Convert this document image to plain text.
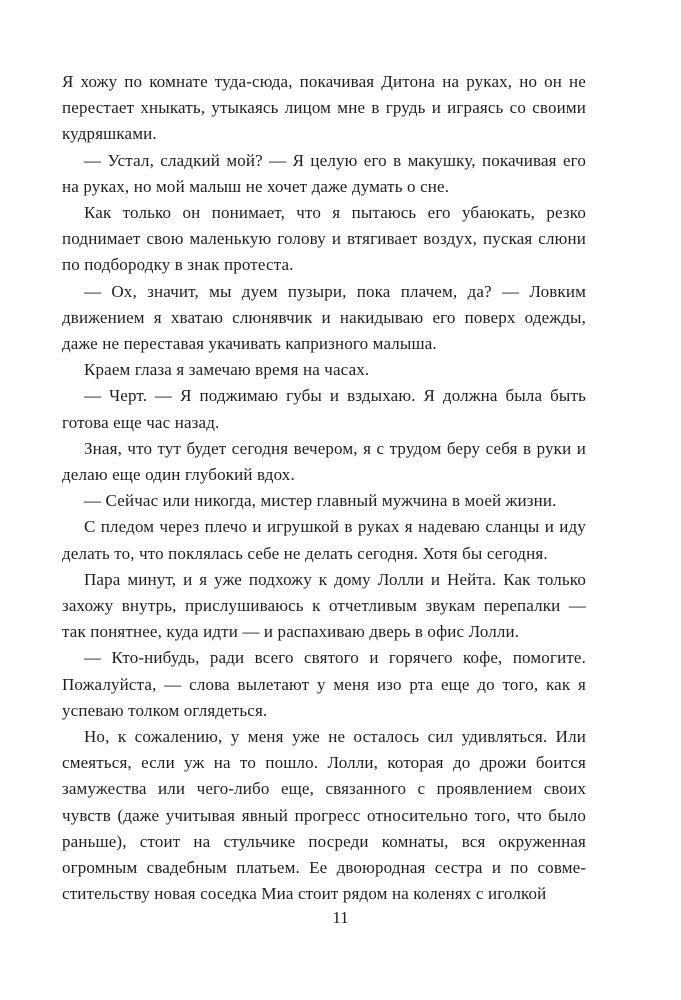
Я хожу по комнате туда-сюда, покачивая Дитона на руках, но он не перестает хныкать, утыкаясь лицом мне в грудь и играясь со своими кудряшками.

— Устал, сладкий мой? — Я целую его в макушку, покачивая его на руках, но мой малыш не хочет даже думать о сне.

Как только он понимает, что я пытаюсь его убаюкать, резко поднимает свою маленькую голову и втягивает воздух, пуская слюни по подбородку в знак протеста.

— Ох, значит, мы дуем пузыри, пока плачем, да? — Ловким движением я хватаю слюнявчик и накидываю его поверх одежды, даже не переставая укачивать капризного малыша.

Краем глаза я замечаю время на часах.

— Черт. — Я поджимаю губы и вздыхаю. Я должна была быть готова еще час назад.

Зная, что тут будет сегодня вечером, я с трудом беру себя в руки и делаю еще один глубокий вдох.

— Сейчас или никогда, мистер главный мужчина в моей жизни.

С пледом через плечо и игрушкой в руках я надеваю сланцы и иду делать то, что поклялась себе не делать сегодня. Хотя бы сегодня.

Пара минут, и я уже подхожу к дому Лолли и Нейта. Как только захожу внутрь, прислушиваюсь к отчетливым звукам перепалки — так понятнее, куда идти — и распахиваю дверь в офис Лолли.

— Кто-нибудь, ради всего святого и горячего кофе, помогите. Пожалуйста, — слова вылетают у меня изо рта еще до того, как я успеваю толком оглядеться.

Но, к сожалению, у меня уже не осталось сил удивляться. Или смеяться, если уж на то пошло. Лолли, которая до дрожи боится замужества или чего-либо еще, связанного с проявлением своих чувств (даже учитывая явный прогресс относительно того, что было раньше), стоит на стульчике посреди комнаты, вся окруженная огромным свадебным платьем. Ее двоюродная сестра и по совместительству новая соседка Миа стоит рядом на коленях с иголкой

11
